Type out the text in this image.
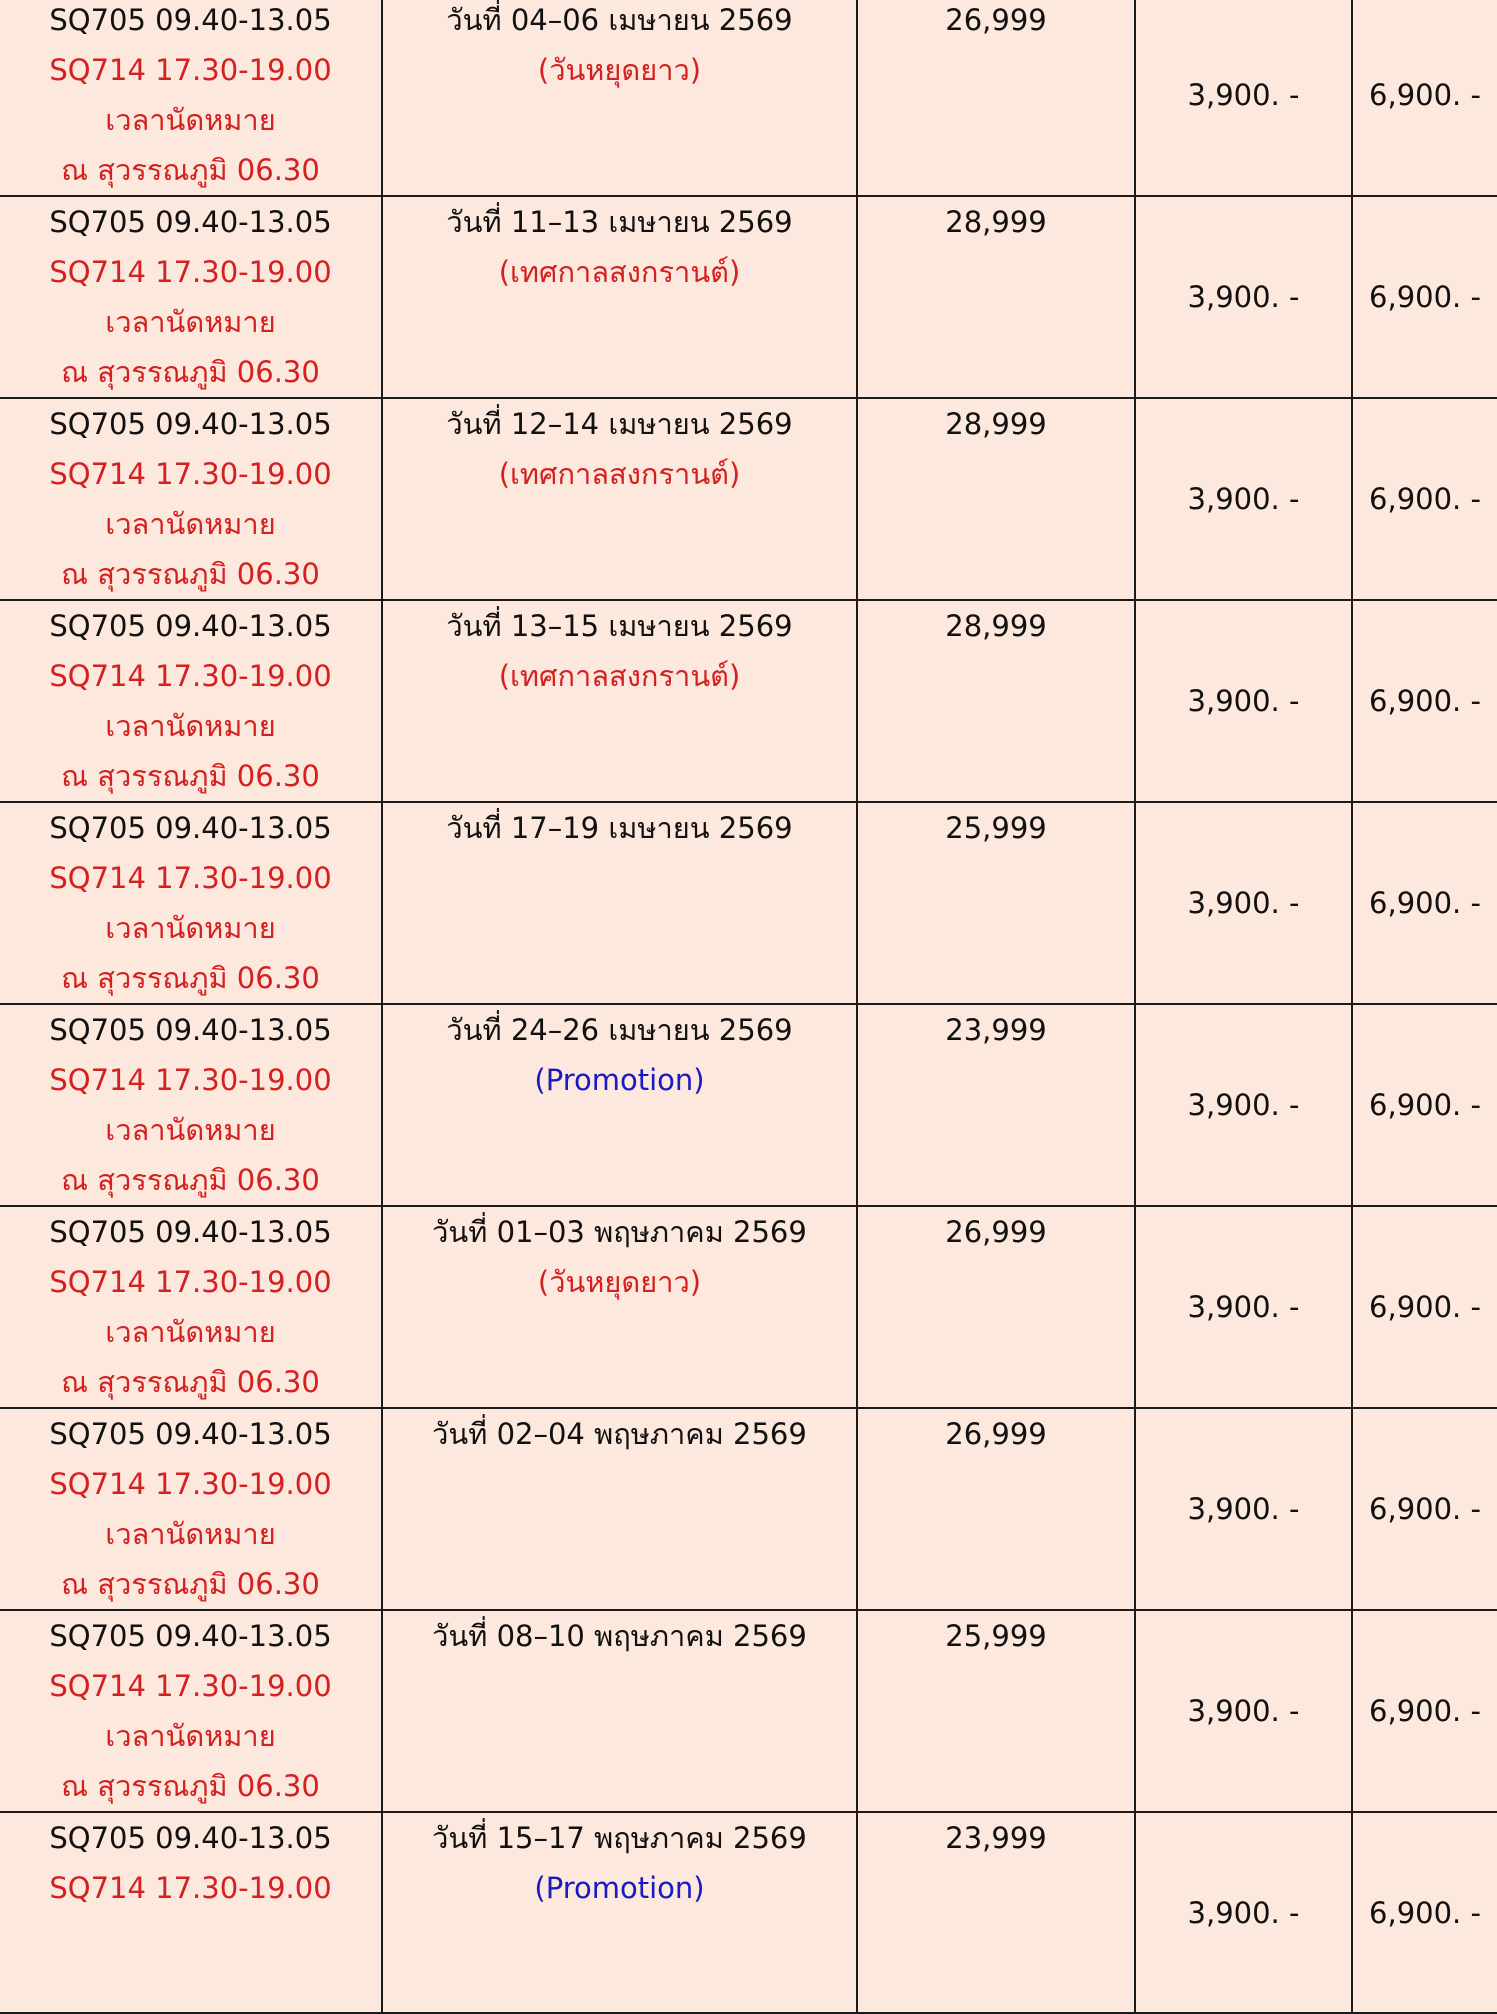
SQ705 09.40-13.05
SQ714 17.30-19.00
เวลานัดหมาย
ณ สุวรรณภูมิ 06.30	วันที่ 04–06 เมษายน 2569
(วันหยุดยาว)	26,999	3,900. -	6,900. -

SQ705 09.40-13.05
SQ714 17.30-19.00
เวลานัดหมาย
ณ สุวรรณภูมิ 06.30	วันที่ 11–13 เมษายน 2569
(เทศกาลสงกรานต์)	28,999	3,900. -	6,900. -

SQ705 09.40-13.05
SQ714 17.30-19.00
เวลานัดหมาย
ณ สุวรรณภูมิ 06.30	วันที่ 12–14 เมษายน 2569
(เทศกาลสงกรานต์)	28,999	3,900. -	6,900. -

SQ705 09.40-13.05
SQ714 17.30-19.00
เวลานัดหมาย
ณ สุวรรณภูมิ 06.30	วันที่ 13–15 เมษายน 2569
(เทศกาลสงกรานต์)	28,999	3,900. -	6,900. -

SQ705 09.40-13.05
SQ714 17.30-19.00
เวลานัดหมาย
ณ สุวรรณภูมิ 06.30	วันที่ 17–19 เมษายน 2569	25,999	3,900. -	6,900. -

SQ705 09.40-13.05
SQ714 17.30-19.00
เวลานัดหมาย
ณ สุวรรณภูมิ 06.30	วันที่ 24–26 เมษายน 2569
(Promotion)	23,999	3,900. -	6,900. -

SQ705 09.40-13.05
SQ714 17.30-19.00
เวลานัดหมาย
ณ สุวรรณภูมิ 06.30	วันที่ 01–03 พฤษภาคม 2569
(วันหยุดยาว)	26,999	3,900. -	6,900. -

SQ705 09.40-13.05
SQ714 17.30-19.00
เวลานัดหมาย
ณ สุวรรณภูมิ 06.30	วันที่ 02–04 พฤษภาคม 2569	26,999	3,900. -	6,900. -

SQ705 09.40-13.05
SQ714 17.30-19.00
เวลานัดหมาย
ณ สุวรรณภูมิ 06.30	วันที่ 08–10 พฤษภาคม 2569	25,999	3,900. -	6,900. -

SQ705 09.40-13.05
SQ714 17.30-19.00	วันที่ 15–17 พฤษภาคม 2569
(Promotion)	23,999	3,900. -	6,900. -
